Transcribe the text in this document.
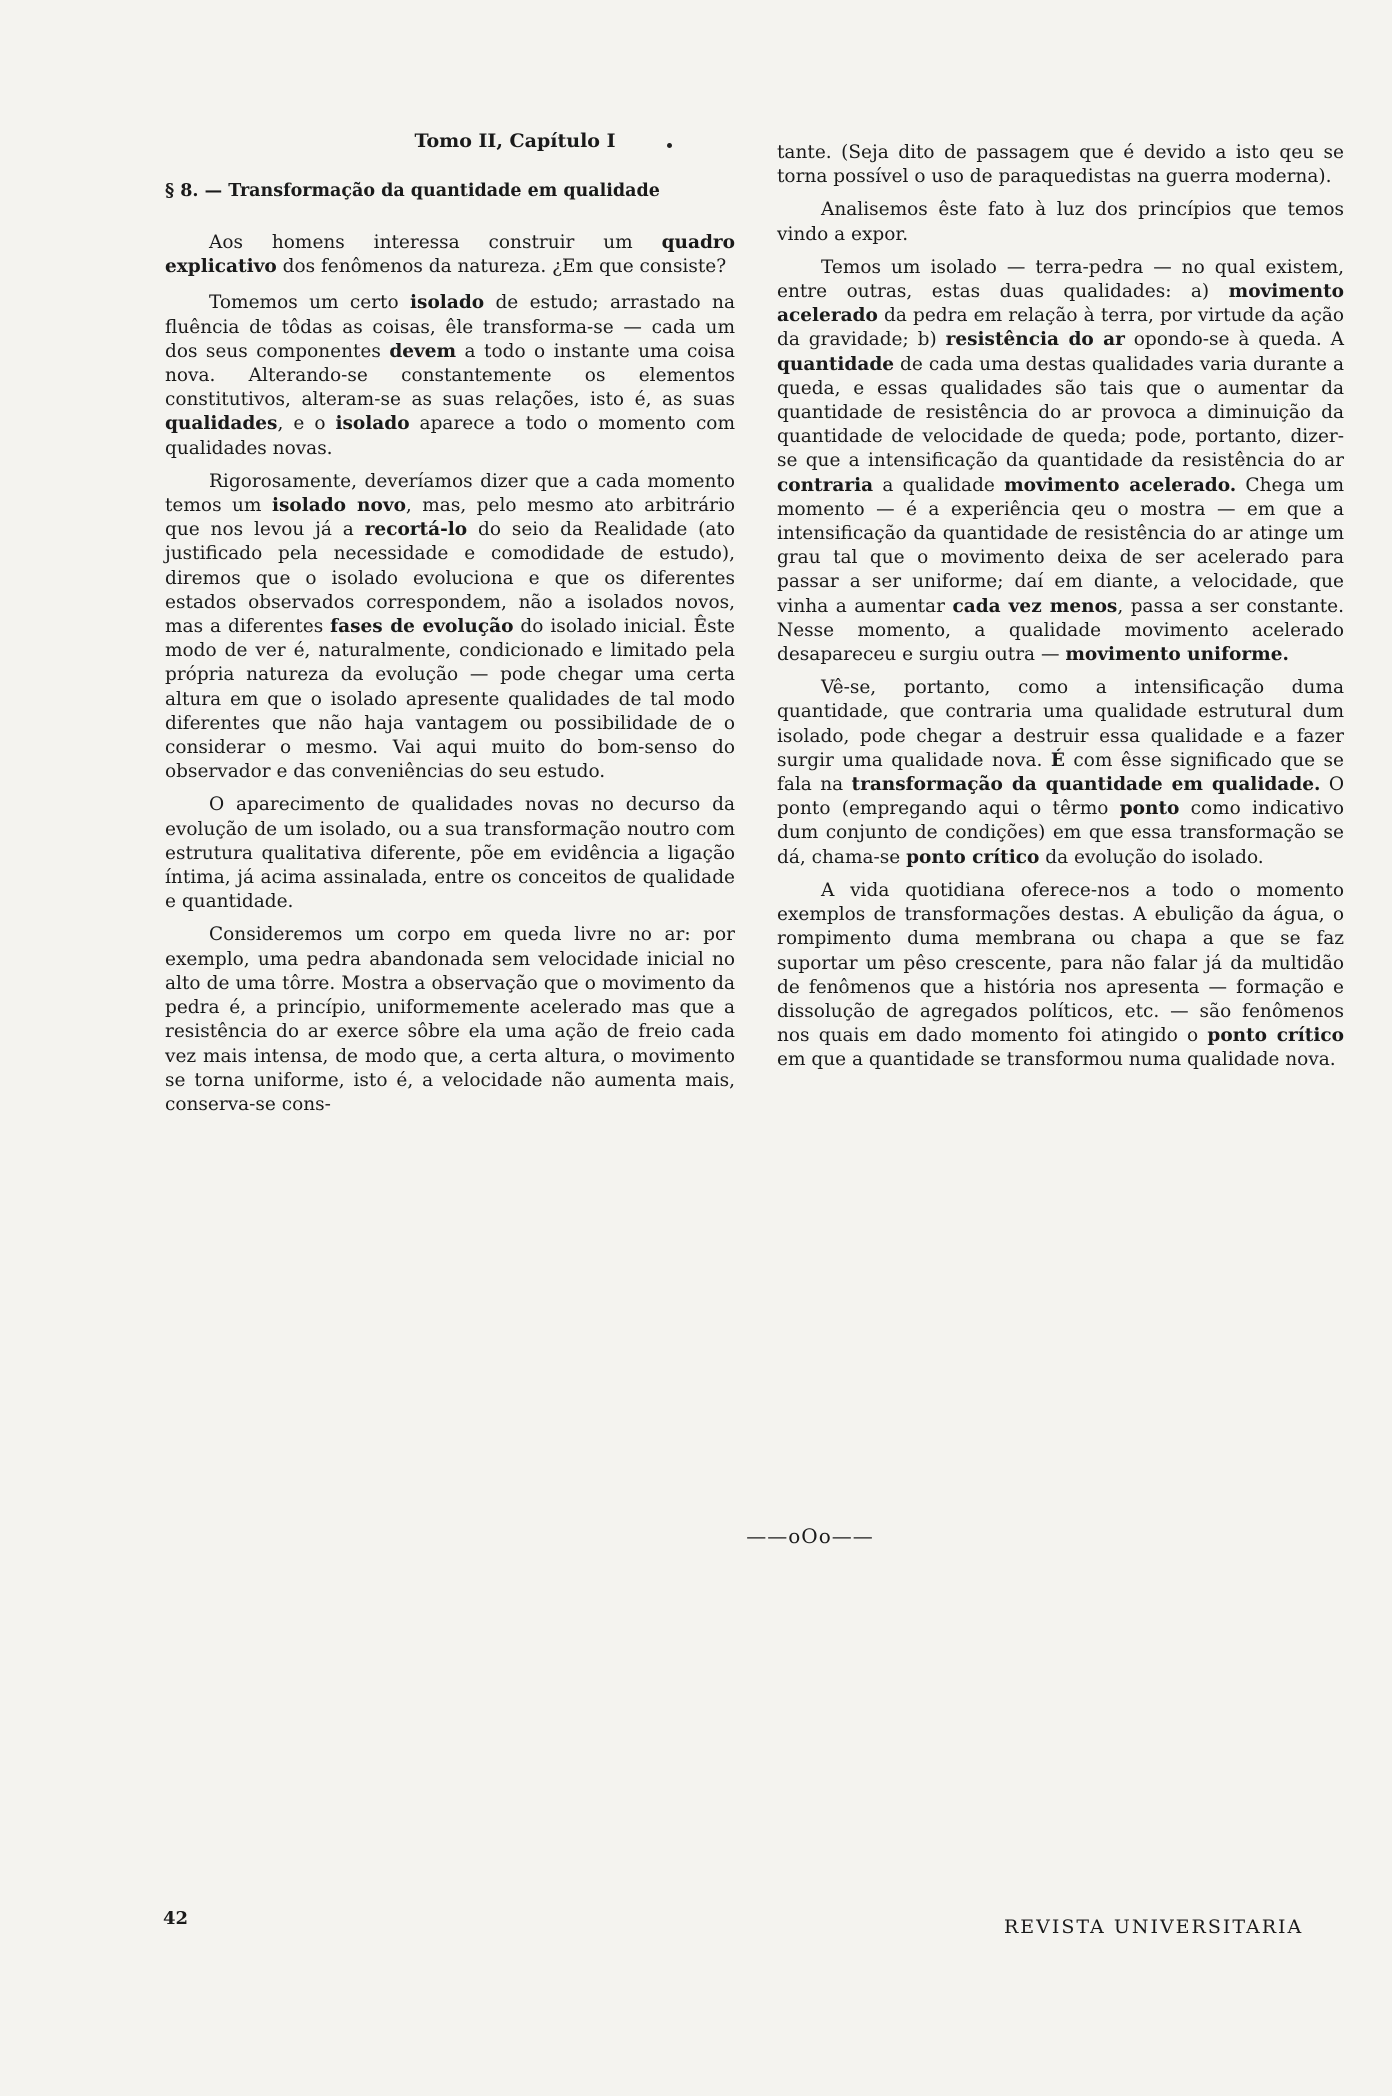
Tomo II, Capítulo I
§ 8. — Transformação da quantidade em qualidade

Aos homens interessa construir um quadro explicativo dos fenômenos da natureza. ¿Em que consiste?

Tomemos um certo isolado de estudo; arrastado na fluência de tôdas as coisas, êle transforma-se — cada um dos seus componentes devem a todo o instante uma coisa nova. Alterando-se constantemente os elementos constitutivos, alteram-se as suas relações, isto é, as suas qualidades, e o isolado aparece a todo o momento com qualidades novas.

Rigorosamente, deveríamos dizer que a cada momento temos um isolado novo, mas, pelo mesmo ato arbitrário que nos levou já a recortá-lo do seio da Realidade (ato justificado pela necessidade e comodidade de estudo), diremos que o isolado evoluciona e que os diferentes estados observados correspondem, não a isolados novos, mas a diferentes fases de evolução do isolado inicial. Êste modo de ver é, naturalmente, condicionado e limitado pela própria natureza da evolução — pode chegar uma certa altura em que o isolado apresente qualidades de tal modo diferentes que não haja vantagem ou possibilidade de o considerar o mesmo. Vai aqui muito do bom-senso do observador e das conveniências do seu estudo.

O aparecimento de qualidades novas no decurso da evolução de um isolado, ou a sua transformação noutro com estrutura qualitativa diferente, põe em evidência a ligação íntima, já acima assinalada, entre os conceitos de qualidade e quantidade.

Consideremos um corpo em queda livre no ar: por exemplo, uma pedra abandonada sem velocidade inicial no alto de uma tôrre. Mostra a observação que o movimento da pedra é, a princípio, uniformemente acelerado mas que a resistência do ar exerce sôbre ela uma ação de freio cada vez mais intensa, de modo que, a certa altura, o movimento se torna uniforme, isto é, a velocidade não aumenta mais, conserva-se cons-

tante. (Seja dito de passagem que é devido a isto qeu se torna possível o uso de paraquedistas na guerra moderna).

Analisemos êste fato à luz dos princípios que temos vindo a expor.

Temos um isolado — terra-pedra — no qual existem, entre outras, estas duas qualidades: a) movimento acelerado da pedra em relação à terra, por virtude da ação da gravidade; b) resistência do ar opondo-se à queda. A quantidade de cada uma destas qualidades varia durante a queda, e essas qualidades são tais que o aumentar da quantidade de resistência do ar provoca a diminuição da quantidade de velocidade de queda; pode, portanto, dizer-se que a intensificação da quantidade da resistência do ar contraria a qualidade movimento acelerado. Chega um momento — é a experiência qeu o mostra — em que a intensificação da quantidade de resistência do ar atinge um grau tal que o movimento deixa de ser acelerado para passar a ser uniforme; daí em diante, a velocidade, que vinha a aumentar cada vez menos, passa a ser constante. Nesse momento, a qualidade movimento acelerado desapareceu e surgiu outra — movimento uniforme.

Vê-se, portanto, como a intensificação duma quantidade, que contraria uma qualidade estrutural dum isolado, pode chegar a destruir essa qualidade e a fazer surgir uma qualidade nova. É com êsse significado que se fala na transformação da quantidade em qualidade. O ponto (empregando aqui o têrmo ponto como indicativo dum conjunto de condições) em que essa transformação se dá, chama-se ponto crítico da evolução do isolado.

A vida quotidiana oferece-nos a todo o momento exemplos de transformações destas. A ebulição da água, o rompimento duma membrana ou chapa a que se faz suportar um pêso crescente, para não falar já da multidão de fenômenos que a história nos apresenta — formação e dissolução de agregados políticos, etc. — são fenômenos nos quais em dado momento foi atingido o ponto crítico em que a quantidade se transformou numa qualidade nova.

——oOo——
42	REVISTA UNIVERSITARIA
